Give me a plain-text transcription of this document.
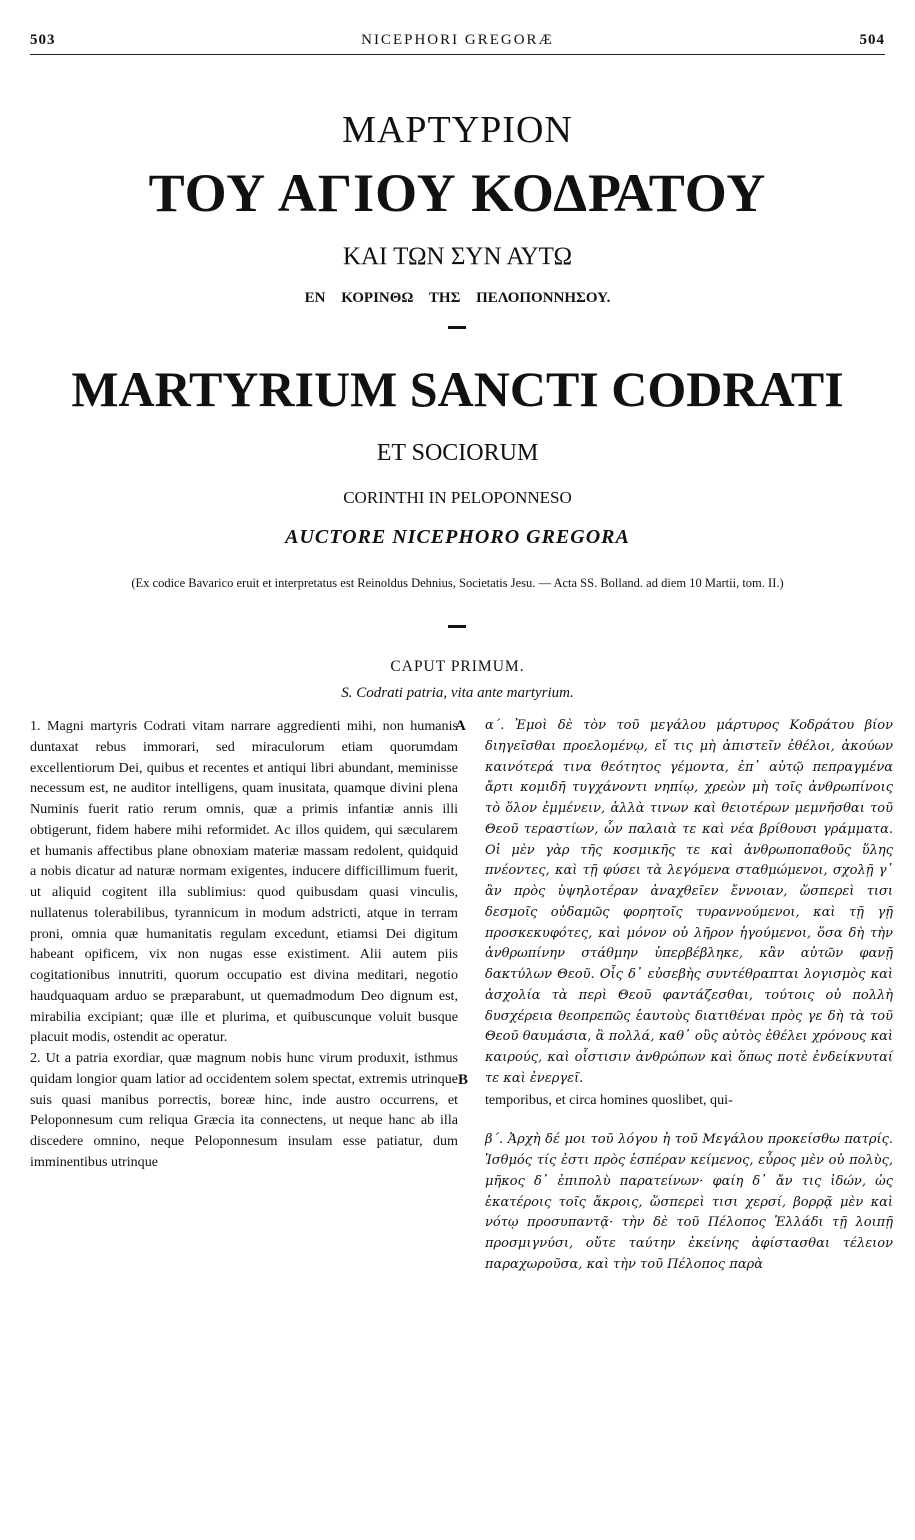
503	NICEPHORI GREGORÆ	504
ΜΑΡΤΥΡΙΟΝ
ΤΟΥ ΑΓΙΟΥ ΚΟΔΡΑΤΟΥ
ΚΑΙ ΤΩΝ ΣΥΝ ΑΥΤΩ
ΕΝ ΚΟΡΙΝΘΩ ΤΗΣ ΠΕΛΟΠΟΝΝΗΣΟΥ.
MARTYRIUM SANCTI CODRATI
ET SOCIORUM
CORINTHI IN PELOPONNESO
AUCTORE NICEPHORO GREGORA
(Ex codice Bavarico eruit et interpretatus est Reinoldus Dehnius, Societatis Jesu. — Acta SS. Bolland. ad diem 10 Martii, tom. II.)
CAPUT PRIMUM.
S. Codrati patria, vita ante martyrium.
A
B

1. Magni martyris Codrati vitam narrare aggredienti mihi, non humanis duntaxat rebus immorari, sed miraculorum etiam quorumdam excellentiorum Dei, quibus et recentes et antiqui libri abundant, meminisse necessum est, ne auditor intelligens, quam inusitata, quamque divini plena Numinis fuerit ratio rerum omnis, quæ a primis infantiæ annis illi obtigerunt, fidem habere mihi reformidet. Ac illos quidem, qui sæcularem et humanis affectibus plane obnoxiam materiæ massam redolent, quidquid a nobis dicatur ad naturæ normam exigentes, inducere difficillimum fuerit, ut aliquid cogitent illa sublimius: quod quibusdam quasi vinculis, nullatenus tolerabilibus, tyrannicum in modum adstricti, atque in terram proni, omnia quæ humanitatis regulam excedunt, etiamsi Dei digitum habeant opificem, vix non nugas esse existiment. Alii autem piis cogitationibus innutriti, quorum occupatio est divina meditari, negotio haudquaquam arduo se præparabunt, ut quemadmodum Deo dignum est, mirabilia excipiant; quæ ille et plurima, et quibuscunque voluit busque placuit modis, ostendit ac operatur.

2. Ut a patria exordiar, quæ magnum nobis hunc virum produxit, isthmus quidam longior quam latior ad occidentem solem spectat, extremis utrinque suis quasi manibus porrectis, boreæ hinc, inde austro occurrens, et Peloponnesum cum reliqua Græcia ita connectens, ut neque hanc ab illa discedere omnino, neque Peloponnesum insulam esse patiatur, dum imminentibus utrinque

α΄. Ἐμοὶ δὲ τὸν τοῦ μεγάλου μάρτυρος Κοδράτου βίον διηγεῖσθαι προελομένῳ, εἴ τις μὴ ἀπιστεῖν ἐθέλοι, ἀκούων καινότερά τινα θεότητος γέμοντα, ἐπ᾽ αὐτῷ πεπραγμένα ἄρτι κομιδῆ τυγχάνοντι νηπίῳ, χρεὼν μὴ τοῖς ἀνθρωπίνοις τὸ ὅλον ἐμμένειν, ἀλλὰ τινων καὶ θειοτέρων μεμνῆσθαι τοῦ Θεοῦ τεραστίων, ὧν παλαιὰ τε καὶ νέα βρίθουσι γράμματα. Οἱ μὲν γὰρ τῆς κοσμικῆς τε καὶ ἀνθρωποπαθοῦς ὕλης πνέοντες, καὶ τῇ φύσει τὰ λεγόμενα σταθμώμενοι, σχολῇ γ᾽ ἂν πρὸς ὑψηλοτέραν ἀναχθεῖεν ἔννοιαν, ὥσπερεὶ τισι δεσμοῖς οὐδαμῶς φορητοῖς τυραννούμενοι, καὶ τῇ γῇ προσκεκυφότες, καὶ μόνον οὐ λῆρον ἡγούμενοι, ὅσα δὴ τὴν ἀνθρωπίνην στάθμην ὑπερβέβληκε, κἂν αὐτῶν φανῇ δακτύλων Θεοῦ. Οἷς δ᾽ εὐσεβὴς συντέθραπται λογισμὸς καὶ ἀσχολία τὰ περὶ Θεοῦ φαντάζεσθαι, τούτοις οὐ πολλὴ δυσχέρεια θεοπρεπῶς ἑαυτοὺς διατιθέναι πρὸς γε δὴ τὰ τοῦ Θεοῦ θαυμάσια, ἃ πολλά, καθ᾽ οὓς αὐτὸς ἐθέλει χρόνους καὶ καιρούς, καὶ οἷστισιν ἀνθρώπων καὶ ὅπως ποτὲ ἐνδείκνυταί τε καὶ ἐνεργεῖ.

temporibus, et circa homines quoslibet, qui-

β΄. Ἀρχὴ δέ μοι τοῦ λόγου ἡ τοῦ Μεγάλου προκείσθω πατρίς. Ἰσθμός τίς ἐστι πρὸς ἑσπέραν κείμενος, εὖρος μὲν οὐ πολὺς, μῆκος δ᾽ ἐπιπολὺ παρατείνων· φαίη δ᾽ ἄν τις ἰδών, ὡς ἑκατέροις τοῖς ἄκροις, ὥσπερεὶ τισι χερσί, βορρᾷ μὲν καὶ νότῳ προσυπαντᾷ· τὴν δὲ τοῦ Πέλοπος Ἑλλάδι τῇ λοιπῇ προσμιγνύσι, οὔτε ταύτην ἐκείνης ἀφίστασθαι τέλειον παραχωροῦσα, καὶ τὴν τοῦ Πέλοπος παρὰ
